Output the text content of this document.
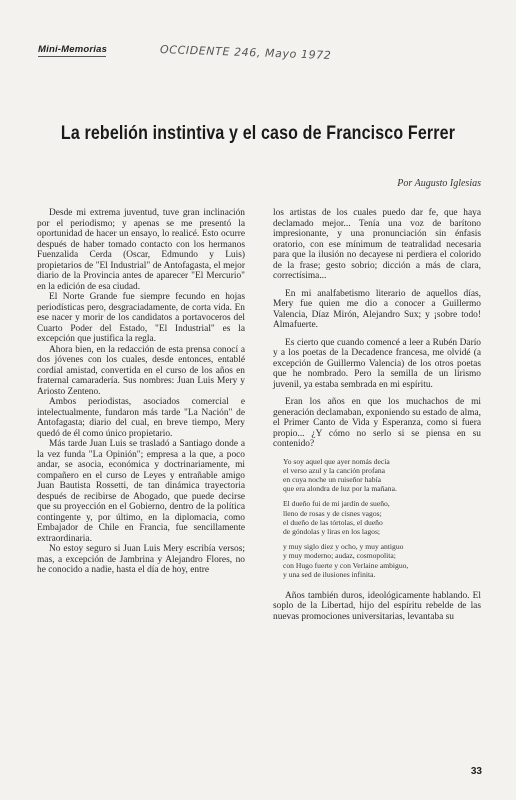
Mini-Memorias	OCCIDENTE 246, Mayo 1972
La rebelión instintiva y el caso de Francisco Ferrer
Por Augusto Iglesias

Desde mi extrema juventud, tuve gran inclinación por el periodismo; y apenas se me presentó la oportunidad de hacer un ensayo, lo realicé. Esto ocurre después de haber tomado contacto con los hermanos Fuenzalida Cerda (Oscar, Edmundo y Luis) propietarios de "El Industrial" de Antofagasta, el mejor diario de la Provincia antes de aparecer "El Mercurio" en la edición de esa ciudad.

El Norte Grande fue siempre fecundo en hojas periodísticas pero, desgraciadamente, de corta vida. En ese nacer y morir de los candidatos a portavoceros del Cuarto Poder del Estado, "El Industrial" es la excepción que justifica la regla.

Ahora bien, en la redacción de esta prensa conocí a dos jóvenes con los cuales, desde entonces, entablé cordial amistad, convertida en el curso de los años en fraternal camaradería. Sus nombres: Juan Luis Mery y Ariosto Zenteno.

Ambos periodistas, asociados comercial e intelectualmente, fundaron más tarde "La Nación" de Antofagasta; diario del cual, en breve tiempo, Mery quedó de él como único propietario.

Más tarde Juan Luis se trasladó a Santiago donde a la vez funda "La Opinión"; empresa a la que, a poco andar, se asocia, económica y doctrinariamente, mi compañero en el curso de Leyes y entrañable amigo Juan Bautista Rossetti, de tan dinámica trayectoria después de recibirse de Abogado, que puede decirse que su proyección en el Gobierno, dentro de la política contingente y, por último, en la diplomacia, como Embajador de Chile en Francia, fue sencillamente extraordinaria.

No estoy seguro si Juan Luis Mery escribía versos; mas, a excepción de Jambrina y Alejandro Flores, no he conocido a nadie, hasta el día de hoy, entre

los artistas de los cuales puedo dar fe, que haya declamado mejor... Tenía una voz de barítono impresionante, y una pronunciación sin énfasis oratorio, con ese mínimum de teatralidad necesaria para que la ilusión no decayese ni perdiera el colorido de la frase; gesto sobrio; dicción a más de clara, correctísima...

En mi analfabetismo literario de aquellos días, Mery fue quien me dio a conocer a Guillermo Valencia, Díaz Mirón, Alejandro Sux; y ¡sobre todo! Almafuerte.

Es cierto que cuando comencé a leer a Rubén Darío y a los poetas de la Decadence francesa, me olvidé (a excepción de Guillermo Valencia) de los otros poetas que he nombrado. Pero la semilla de un lirismo juvenil, ya estaba sembrada en mi espíritu.

Eran los años en que los muchachos de mi generación declamaban, exponiendo su estado de alma, el Primer Canto de Vida y Esperanza, como si fuera propio... ¿Y cómo no serlo si se piensa en su contenido?

Yo soy aquel que ayer nomás decía
el verso azul y la canción profana
en cuya noche un ruiseñor había
que era alondra de luz por la mañana.
El dueño fui de mi jardín de sueño,
lleno de rosas y de cisnes vagos;
el dueño de las tórtolas, el dueño
de góndolas y liras en los lagos;
y muy siglo diez y ocho, y muy antiguo
y muy moderno; audaz, cosmopolita;
con Hugo fuerte y con Verlaine ambiguo,
y una sed de ilusiones infinita.

Años también duros, ideológicamente hablando. El soplo de la Libertad, hijo del espíritu rebelde de las nuevas promociones universitarias, levantaba su

33
